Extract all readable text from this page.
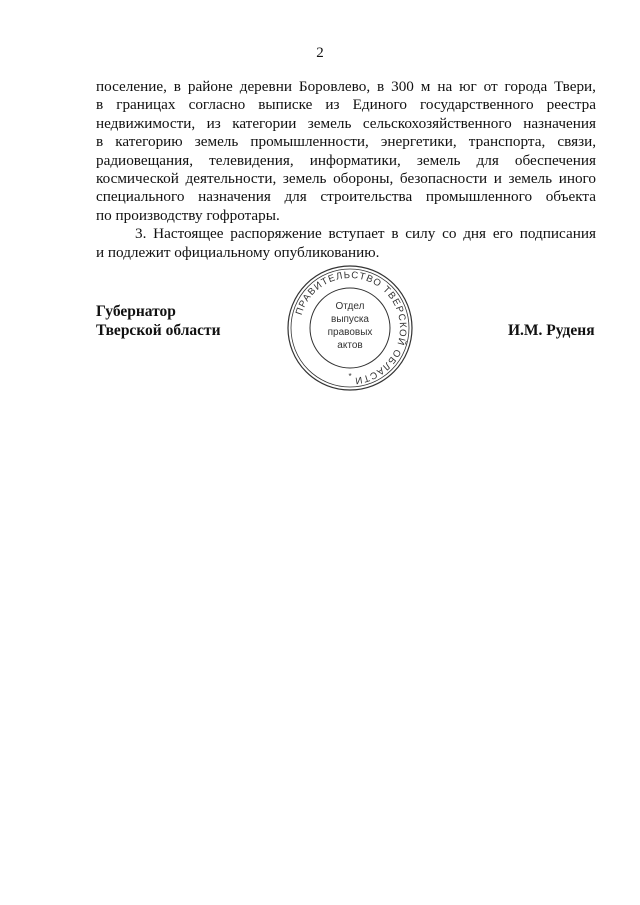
2
поселение, в районе деревни Боровлево, в 300 м на юг от города Твери,
в границах согласно выписке из Единого государственного реестра
недвижимости, из категории земель сельскохозяйственного назначения
в категорию земель промышленности, энергетики, транспорта, связи,
радиовещания, телевидения, информатики, земель для обеспечения
космической деятельности, земель обороны, безопасности и земель иного
специального назначения для строительства промышленного объекта
по производству гофротары.
3. Настоящее распоряжение вступает в силу со дня его подписания
и подлежит официальному опубликованию.
Губернатор
Тверской области	И.М. Руденя
ПРАВИТЕЛЬСТВО ТВЕРСКОЙ ОБЛАСТИ
*
Отдел
выпуска
правовых
актов
